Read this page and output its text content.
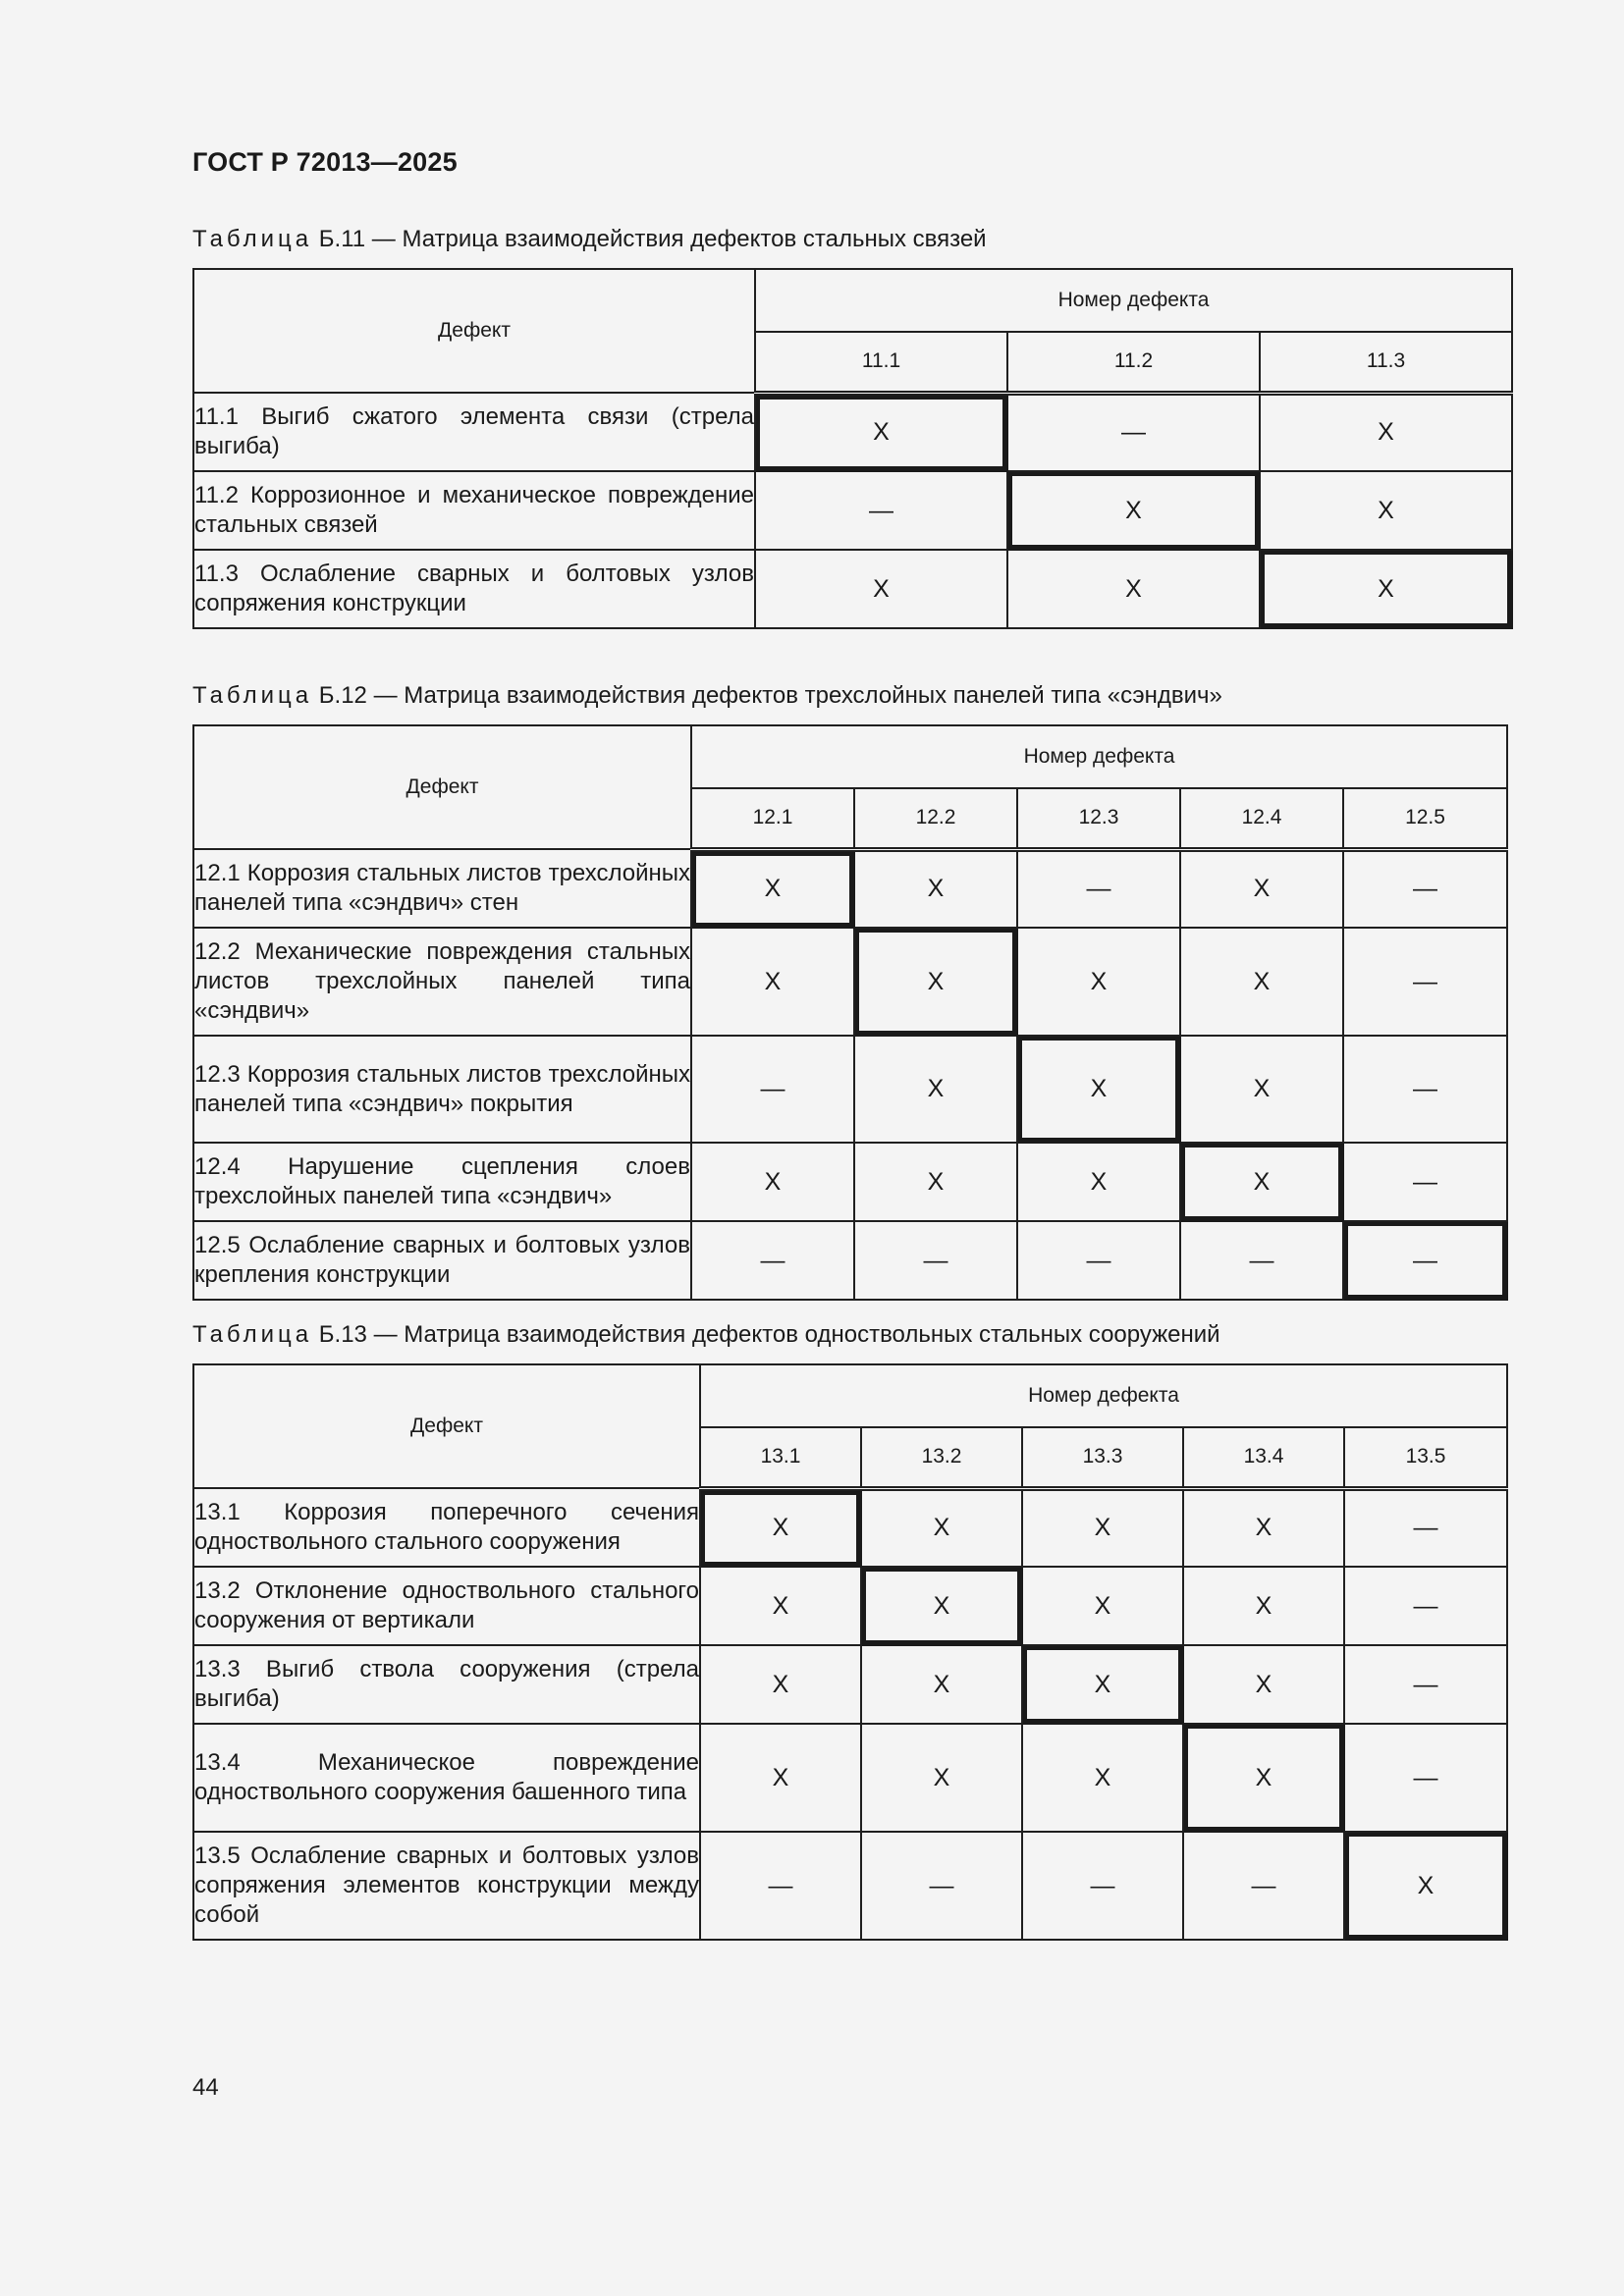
ГОСТ Р 72013—2025
Таблица Б.11 — Матрица взаимодействия дефектов стальных связей
Дефект	Номер дефекта		
	11.1	11.2	11.3
11.1 Выгиб сжатого элемента связи (стрела выгиба)	X	—	X
11.2 Коррозионное и механическое повреждение стальных связей	—	X	X
11.3 Ослабление сварных и болтовых узлов сопряжения конструкции	X	X	X
Таблица Б.12 — Матрица взаимодействия дефектов трехслойных панелей типа «сэндвич»
Дефект	Номер дефекта				
	12.1	12.2	12.3	12.4	12.5
12.1 Коррозия стальных листов трехслойных панелей типа «сэндвич» стен	X	X	—	X	—
12.2 Механические повреждения стальных листов трехслойных панелей типа «сэндвич»	X	X	X	X	—
12.3 Коррозия стальных листов трехслойных панелей типа «сэндвич» покрытия	—	X	X	X	—
12.4 Нарушение сцепления слоев трехслойных панелей типа «сэндвич»	X	X	X	X	—
12.5 Ослабление сварных и болтовых узлов крепления конструкции	—	—	—	—	—
Таблица Б.13 — Матрица взаимодействия дефектов одноствольных стальных сооружений
Дефект	Номер дефекта				
	13.1	13.2	13.3	13.4	13.5
13.1 Коррозия поперечного сечения одноствольного стального сооружения	X	X	X	X	—
13.2 Отклонение одноствольного стального сооружения от вертикали	X	X	X	X	—
13.3 Выгиб ствола сооружения (стрела выгиба)	X	X	X	X	—
13.4 Механическое повреждение одноствольного сооружения башенного типа	X	X	X	X	—
13.5 Ослабление сварных и болтовых узлов сопряжения элементов конструкции между собой	—	—	—	—	X
44
